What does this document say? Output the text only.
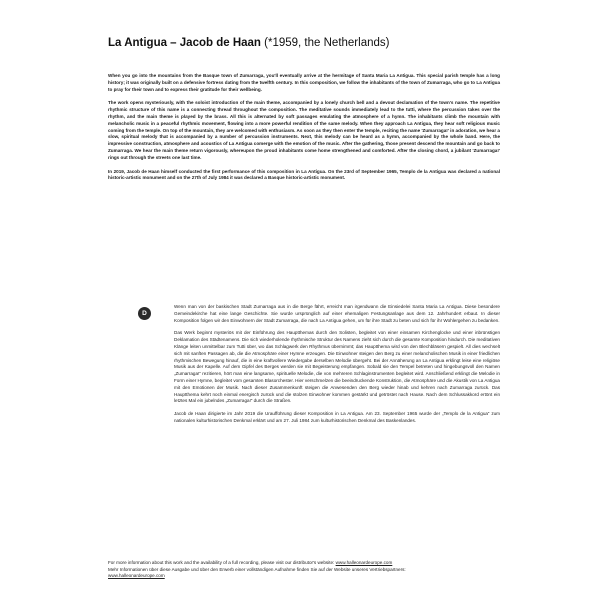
La Antigua – Jacob de Haan (*1959, the Netherlands)

When you go into the mountains from the Basque town of Zumarraga, you'll eventually arrive at the hermitage of Santa Maria La Antigua. This special parish temple has a long history; it was originally built on a defensive fortress dating from the twelfth century. In this composition, we follow the inhabitants of the town of Zumarraga, who go to La Antigua to pray for their town and to express their gratitude for their wellbeing.

The work opens mysteriously, with the soloist introduction of the main theme, accompanied by a lonely church bell and a devout declamation of the town's name. The repetitive rhythmic structure of this name is a connecting thread throughout the composition. The meditative sounds immediately lead to the tutti, where the percussion takes over the rhythm, and the main theme is played by the brass. All this is alternated by soft passages emulating the atmosphere of a hymn. The inhabitants climb the mountain with melancholic music in a peaceful rhythmic movement, flowing into a more powerful rendition of the same melody. When they approach La Antigua, they hear soft religious music coming from the temple. On top of the mountain, they are welcomed with enthusiasm. As soon as they then enter the temple, reciting the name 'Zumarraga!' in adoration, we hear a slow, spiritual melody that is accompanied by a number of percussion instruments. Next, this melody can be heard as a hymn, accompanied by the whole band. Here, the impressive construction, atmosphere and acoustics of La Antigua comerge with the emotion of the music. After the gathering, those present descend the mountain and go back to Zumarraga. We hear the main theme return vigorously, whereupon the proud inhabitants come home strengthened and comforted. After the closing chord, a jubilant 'Zumarraga!' rings out through the streets one last time.

In 2019, Jacob de Haan himself conducted the first performance of this composition in La Antigua. On the 23rd of September 1965, Templo de la Antigua was declared a national historic-artistic monument and on the 27th of July 1984 it was declared a Basque historic-artistic monument.

D

Wenn man von der baskischen Stadt Zumarraga aus in die Berge fährt, erreicht man irgendwann die Einsiedelei Santa Maria La Antigua. Diese besondere Gemeindekirche hat eine lange Geschichte. Sie wurde ursprünglich auf einer ehemaligen Festungsanlage aus dem 12. Jahrhundert erbaut. In dieser Komposition folgen wir den Einwohnern der Stadt Zumarraga, die nach La Antigua gehen, um für ihre Stadt zu beten und sich für ihr Wohlergehen zu bedanken.

Das Werk beginnt mysteriös mit der Einführung des Hauptthemas durch den Solisten, begleitet von einer einsamen Kirchenglocke und einer inbrünstigen Deklamation des Städtenamens. Die sich wiederholende rhythmische Struktur des Namens zieht sich durch die gesamte Komposition hindurch. Die meditativen Klänge leiten unmittelbar zum Tutti über, wo das Schlagwerk den Rhythmus übernimmt; das Hauptthema wird von den Blechbläsern gespielt. All dies wechselt sich mit sanften Passagen ab, die die Atmosphäre einer Hymne erzeugen. Die Einwohner steigen den Berg zu einer melancholischen Musik in einer friedlichen rhythmischen Bewegung hinauf, die in eine kraftvollere Wiedergabe derselben Melodie übergeht. Bei der Annäherung an La Antigua erklingt leise eine religiöse Musik aus der Kapelle. Auf dem Gipfel des Berges werden sie mit Begeisterung empfangen. Sobald sie den Tempel betreten und hingebungsvoll den Namen „Zumarraga!“ rezitieren, hört man eine langsame, spirituelle Melodie, die von mehreren Schlaginstrumenten begleitet wird. Anschließend erklingt die Melodie in Form einer Hymne, begleitet vom gesamten Blasorchester. Hier verschmelzen die beeindruckende Konstruktion, die Atmosphäre und die Akustik von La Antigua mit den Emotionen der Musik. Nach dieser Zusammenkunft steigen die Anwesenden den Berg wieder hinab und kehren nach Zumarraga zurück. Das Hauptthema kehrt noch einmal energisch zurück und die stolzen Einwohner kommen gestärkt und getröstet nach Hause. Nach dem Schlussakkord ertönt ein letztes Mal ein jubelndes „Zumarraga!“ durch die Straßen.

Jacob de Haan dirigierte im Jahr 2019 die Uraufführung dieser Komposition in La Antigua. Am 23. September 1965 wurde der „Templo de la Antigua“ zum nationalen kulturhistorischen Denkmal erklärt und am 27. Juli 1984 zum kulturhistorischen Denkmal des Baskenlandes.

For more information about this work and the availability of a full recording, please visit our distributor's website: www.halleonardeurope.com

Mehr Informationen über diese Ausgabe und über den Erwerb einer vollständigen Aufnahme finden Sie auf der Website unseres Vertriebspartners:
www.halleonardeurope.com
